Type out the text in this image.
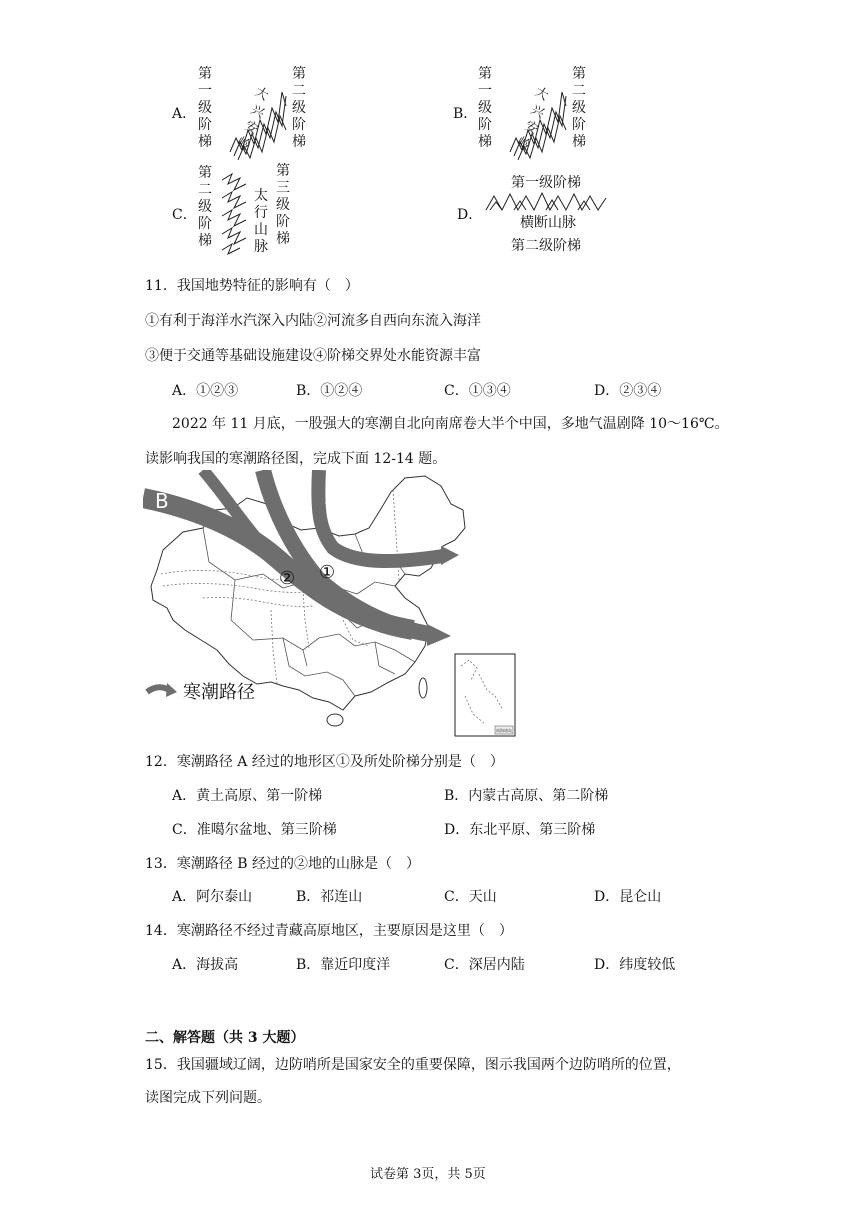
A．
第
一
级
阶
梯
大
兴
安
岭
第
二
级
阶
梯
B．
第
一
级
阶
梯
大
兴
安
岭
第
二
级
阶
梯
C．
第
二
级
阶
梯
太
行
山
脉
第
三
级
阶
梯
D．
第一级阶梯
横断山脉
第二级阶梯
11．我国地势特征的影响有（　）
①有利于海洋水汽深入内陆②河流多自西向东流入海洋
③便于交通等基础设施建设④阶梯交界处水能资源丰富
A．①②③	B．①②④	C．①③④	D．②③④
2022 年 11 月底，一股强大的寒潮自北向南席卷大半个中国，多地气温剧降 10～16℃。
读影响我国的寒潮路径图，完成下面 12-14 题。
A
B
①
②
南海诸岛
寒潮路径
12．寒潮路径 A 经过的地形区①及所处阶梯分别是（　）
A．黄土高原、第一阶梯	B．内蒙古高原、第二阶梯
C．准噶尔盆地、第三阶梯	D．东北平原、第三阶梯
13．寒潮路径 B 经过的②地的山脉是（　）
A．阿尔泰山	B．祁连山	C．天山	D．昆仑山
14．寒潮路径不经过青藏高原地区，主要原因是这里（　）
A．海拔高	B．靠近印度洋	C．深居内陆	D．纬度较低
二、解答题（共 3 大题）
15．我国疆域辽阔，边防哨所是国家安全的重要保障，图示我国两个边防哨所的位置，
读图完成下列问题。
试卷第 3页，共 5页
